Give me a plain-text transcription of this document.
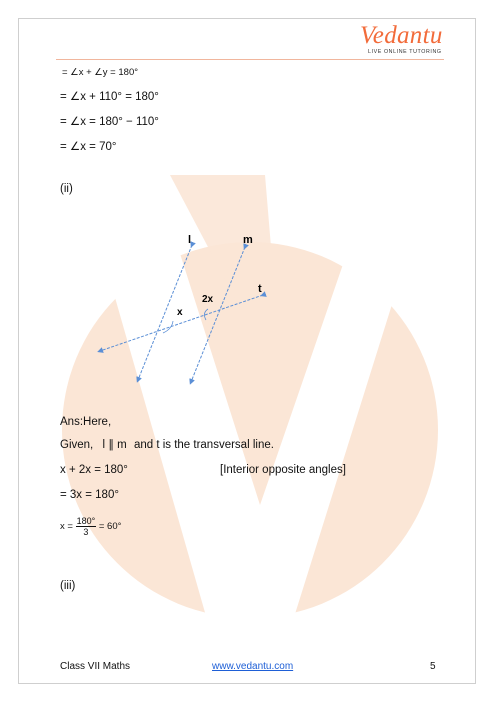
Vedantu
LIVE ONLINE TUTORING
= ∠x + ∠y = 180°
= ∠x + 110° = 180°
= ∠x = 180° − 110°
= ∠x = 70°
(ii)
l	m
t
2x
x
Ans:Here,
Given, l ∥ m and t is the transversal line.
x + 2x = 180°	[Interior opposite angles]
= 3x = 180°
$x = \frac{180^\circ}{3} = 60^\circ$
(iii)
Class VII Maths	www.vedantu.com	5
